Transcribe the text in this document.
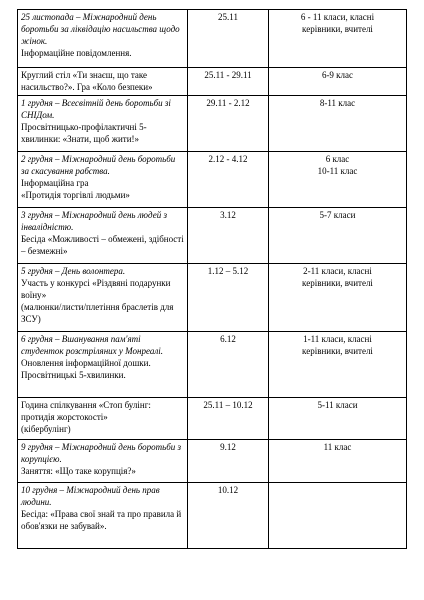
25 листопада – Міжнародний день боротьби за ліквідацію насильства щодо жінок.
Інформаційне повідомлення.	25.11	6 - 11 класи, класні
керівники, вчителі

Круглий стіл «Ти знаєш, що таке насильство?». Гра «Коло безпеки»	25.11 - 29.11	6-9 клас

1 грудня – Всесвітній день боротьби зі СНІДом.
Просвітницько-профілактичні 5-хвилинки: «Знати, щоб жити!»	29.11 - 2.12	8-11 клас

2 грудня – Міжнародний день боротьби за скасування рабства.
Інформаційна гра
«Протидія торгівлі людьми»	2.12 - 4.12	6 клас
10-11 клас

3 грудня – Міжнародний день людей з інвалідністю.
Бесіда «Можливості – обмежені, здібності – безмежні»	3.12	5-7 класи

5 грудня – День волонтера.
Участь у конкурсі «Різдвяні подарунки воїну»
(малюнки/листи/плетіння браслетів для ЗСУ)	1.12 – 5.12	2-11 класи, класні
керівники, вчителі

6 грудня – Вшанування пам'яті студенток розстріляних у Монреалі.
Оновлення інформаційної дошки.
Просвітницькі 5-хвилинки.	6.12	1-11 класи, класні
керівники, вчителі

Година спілкування «Стоп булінг: протидія жорстокості»
(кібербулінг)	25.11 – 10.12	5-11 класи

9 грудня – Міжнародний день боротьби з корупцією.
Заняття: «Що таке корупція?»	9.12	11 клас

10 грудня – Міжнародний день прав людини.
Бесіда: «Права свої знай та про правила й обов'язки не забувай».	10.12	
